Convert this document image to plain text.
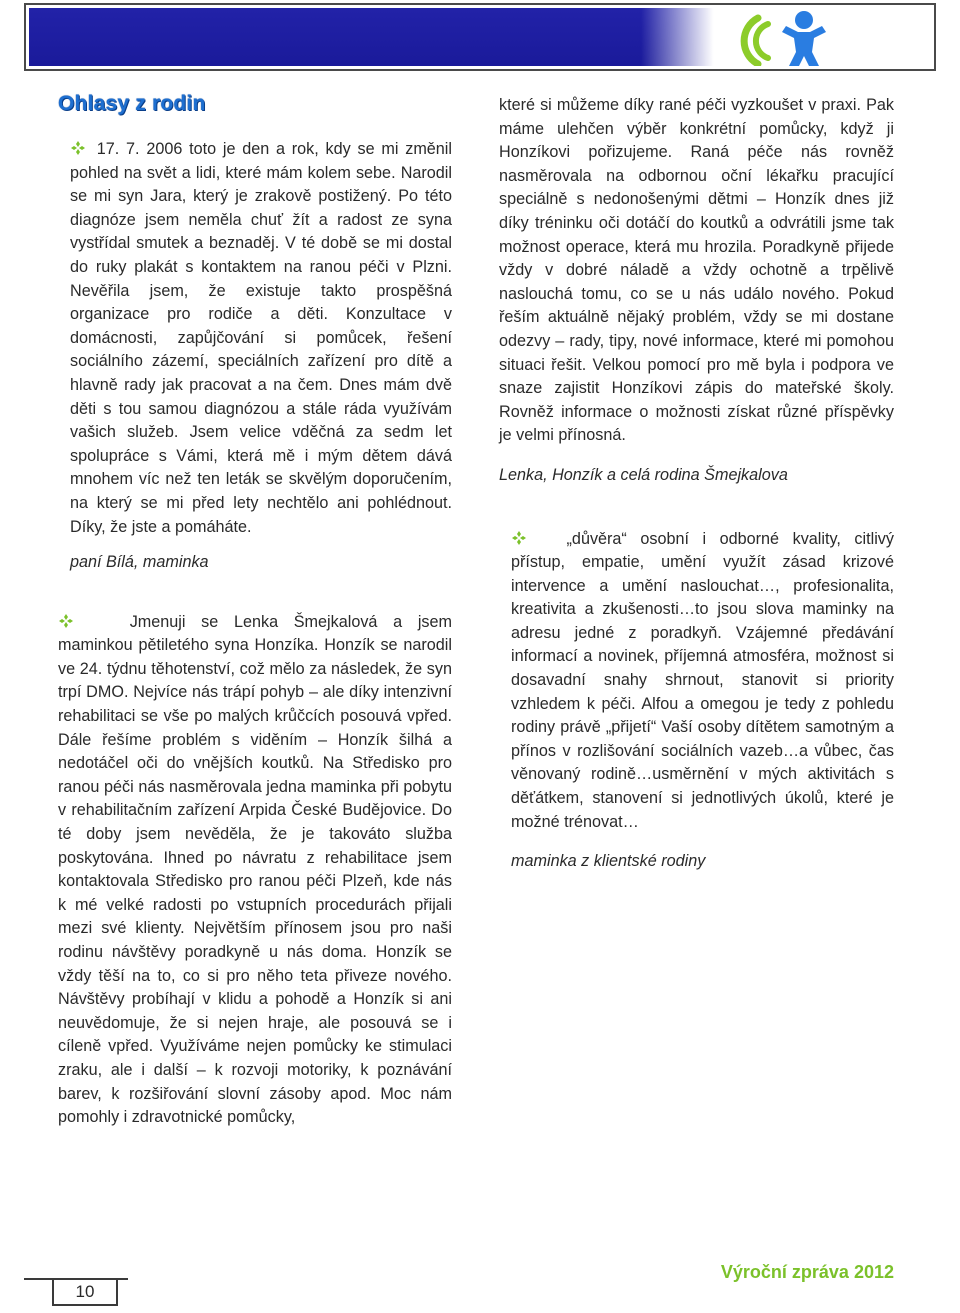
Ohlasy z rodin

17. 7. 2006 toto je den a rok, kdy se mi změnil pohled na svět a lidi, které mám kolem sebe. Narodil se mi syn Jara, který je zrakově postižený. Po této diagnóze jsem neměla chuť žít a radost ze syna vystřídal smutek a beznaděj. V té době se mi dostal do ruky plakát s kontaktem na ranou péči v Plzni. Nevěřila jsem, že existuje takto prospěšná organizace pro rodiče a děti. Konzultace v domácnosti, zapůjčování si pomůcek, řešení sociálního zázemí, speciálních zařízení pro dítě a hlavně rady jak pracovat a na čem. Dnes mám dvě děti s tou samou diagnózou a stále ráda využívám vašich služeb. Jsem velice vděčná za sedm let spolupráce s Vámi, která mě i mým dětem dává mnohem víc než ten leták se skvělým doporučením, na který se mi před lety nechtělo ani pohlédnout. Díky, že jste a pomáháte.

paní Bílá, maminka

Jmenuji se Lenka Šmejkalová a jsem maminkou pětiletého syna Honzíka. Honzík se narodil ve 24. týdnu těhotenství, což mělo za následek, že syn trpí DMO. Nejvíce nás trápí pohyb – ale díky intenzivní rehabilitaci se vše po malých krůčcích posouvá vpřed. Dále řešíme problém s viděním – Honzík šilhá a nedotáčel oči do vnějších koutků. Na Středisko pro ranou péči nás nasměrovala jedna maminka při pobytu v rehabilitačním zařízení Arpida České Budějovice. Do té doby jsem nevěděla, že je takováto služba poskytována. Ihned po návratu z rehabilitace jsem kontaktovala Středisko pro ranou péči Plzeň, kde nás k mé velké radosti po vstupních procedurách přijali mezi své klienty. Největším přínosem jsou pro naši rodinu návštěvy poradkyně u nás doma. Honzík se vždy těší na to, co si pro něho teta přiveze nového. Návštěvy probíhají v klidu a pohodě a Honzík si ani neuvědomuje, že si nejen hraje, ale posouvá se i cíleně vpřed. Využíváme nejen pomůcky ke stimulaci zraku, ale i další – k rozvoji motoriky, k poznávání barev, k rozšiřování slovní zásoby apod. Moc nám pomohly i zdravotnické pomůcky,

které si můžeme díky rané péči vyzkoušet v praxi. Pak máme ulehčen výběr konkrétní pomůcky, když ji Honzíkovi pořizujeme. Raná péče nás rovněž nasměrovala na odbornou oční lékařku pracující speciálně s nedonošenými dětmi – Honzík dnes již díky tréninku oči dotáčí do koutků a odvrátili jsme tak možnost operace, která mu hrozila. Poradkyně přijede vždy v dobré náladě a vždy ochotně a trpělivě naslouchá tomu, co se u nás událo nového. Pokud řeším aktuálně nějaký problém, vždy se mi dostane odezvy – rady, tipy, nové informace, které mi pomohou situaci řešit. Velkou pomocí pro mě byla i podpora ve snaze zajistit Honzíkovi zápis do mateřské školy. Rovněž informace o možnosti získat různé příspěvky je velmi přínosná.

Lenka, Honzík a celá rodina Šmejkalova

„důvěra“ osobní i odborné kvality, citlivý přístup, empatie, umění využít zásad krizové intervence a umění naslouchat…, profesionalita, kreativita a zkušenosti…to jsou slova maminky na adresu jedné z poradkyň. Vzájemné předávání informací a novinek, příjemná atmosféra, možnost si dosavadní snahy shrnout, stanovit si priority vzhledem k péči. Alfou a omegou je tedy z pohledu rodiny právě „přijetí“ Vaší osoby dítětem samotným a přínos v rozlišování sociálních vazeb…a vůbec, čas věnovaný rodině…usměrnění v mých aktivitách s děťátkem, stanovení si jednotlivých úkolů, které je možné trénovat…

maminka z klientské rodiny

10
Výroční zpráva 2012
